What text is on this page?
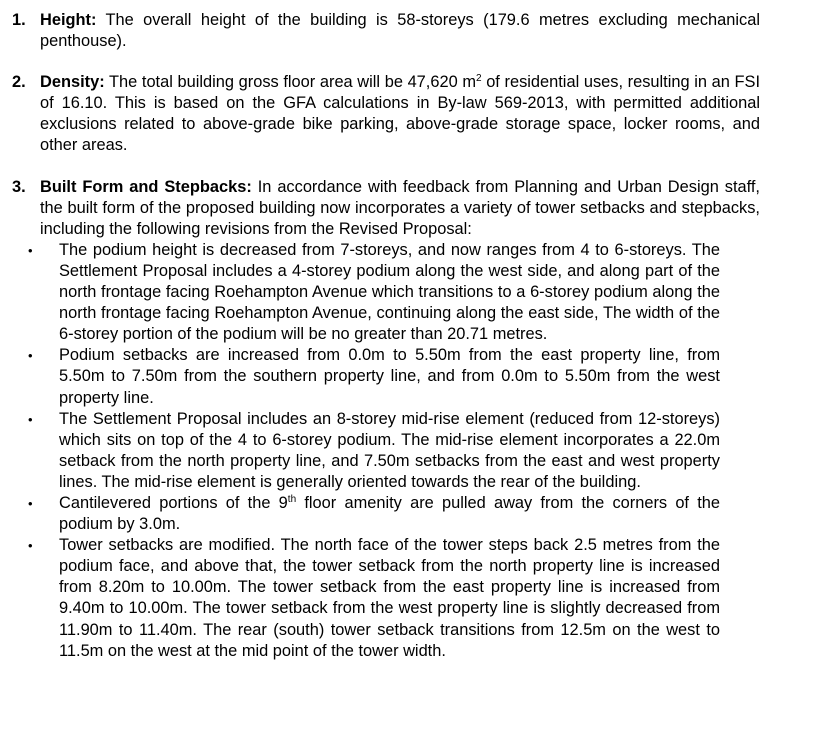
1. Height: The overall height of the building is 58-storeys (179.6 metres excluding mechanical penthouse).
2. Density: The total building gross floor area will be 47,620 $m^2$ of residential uses, resulting in an FSI of 16.10. This is based on the GFA calculations in By-law 569-2013, with permitted additional exclusions related to above-grade bike parking, above-grade storage space, locker rooms, and other areas.
3. Built Form and Stepbacks: In accordance with feedback from Planning and Urban Design staff, the built form of the proposed building now incorporates a variety of tower setbacks and stepbacks, including the following revisions from the Revised Proposal:
• The podium height is decreased from 7-storeys, and now ranges from 4 to 6-storeys. The Settlement Proposal includes a 4-storey podium along the west side, and along part of the north frontage facing Roehampton Avenue which transitions to a 6-storey podium along the north frontage facing Roehampton Avenue, continuing along the east side, The width of the 6-storey portion of the podium will be no greater than 20.71 metres.
• Podium setbacks are increased from 0.0m to 5.50m from the east property line, from 5.50m to 7.50m from the southern property line, and from 0.0m to 5.50m from the west property line.
• The Settlement Proposal includes an 8-storey mid-rise element (reduced from 12-storeys) which sits on top of the 4 to 6-storey podium. The mid-rise element incorporates a 22.0m setback from the north property line, and 7.50m setbacks from the east and west property lines. The mid-rise element is generally oriented towards the rear of the building.
• Cantilevered portions of the 9th floor amenity are pulled away from the corners of the podium by 3.0m.
• Tower setbacks are modified. The north face of the tower steps back 2.5 metres from the podium face, and above that, the tower setback from the north property line is increased from 8.20m to 10.00m. The tower setback from the east property line is increased from 9.40m to 10.00m. The tower setback from the west property line is slightly decreased from 11.90m to 11.40m. The rear (south) tower setback transitions from 12.5m on the west to 11.5m on the west at the mid point of the tower width.
